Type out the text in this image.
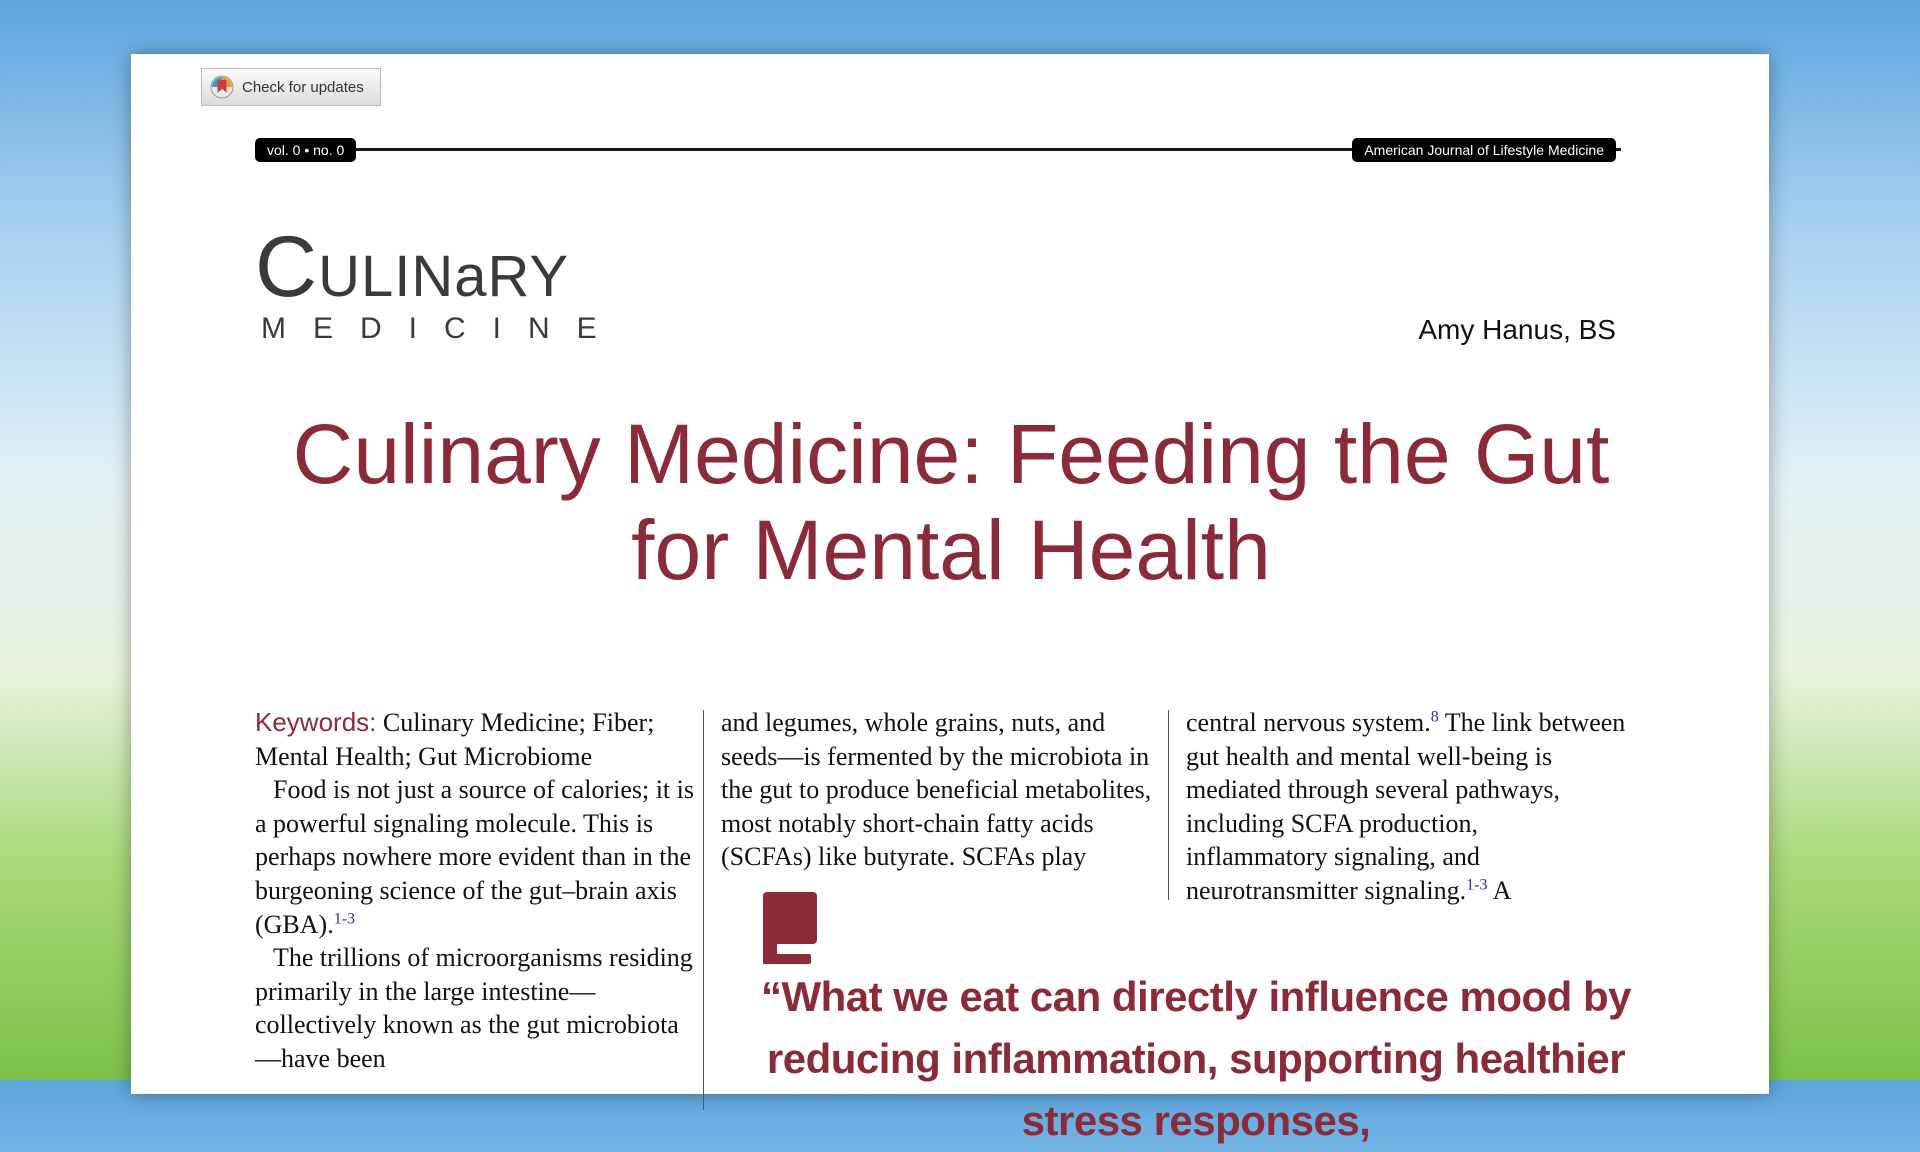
Check for updates
vol. 0 • no. 0	American Journal of Lifestyle Medicine
CULINaRY
MEDICINE	Amy Hanus, BS
Culinary Medicine: Feeding the Gut for Mental Health
Keywords: Culinary Medicine; Fiber; Mental Health; Gut Microbiome

Food is not just a source of calories; it is a powerful signaling molecule. This is perhaps nowhere more evident than in the burgeoning science of the gut–brain axis (GBA).$^{1-3}$

The trillions of microorganisms residing primarily in the large intestine—collectively known as the gut microbiota—have been

and legumes, whole grains, nuts, and seeds—is fermented by the microbiota in the gut to produce beneficial metabolites, most notably short-chain fatty acids (SCFAs) like butyrate. SCFAs play

central nervous system.$^8$ The link between gut health and mental well-being is mediated through several pathways, including SCFA production, inflammatory signaling, and neurotransmitter signaling.$^{1-3}$ A

“What we eat can directly influence mood by reducing inflammation, supporting healthier stress responses,
